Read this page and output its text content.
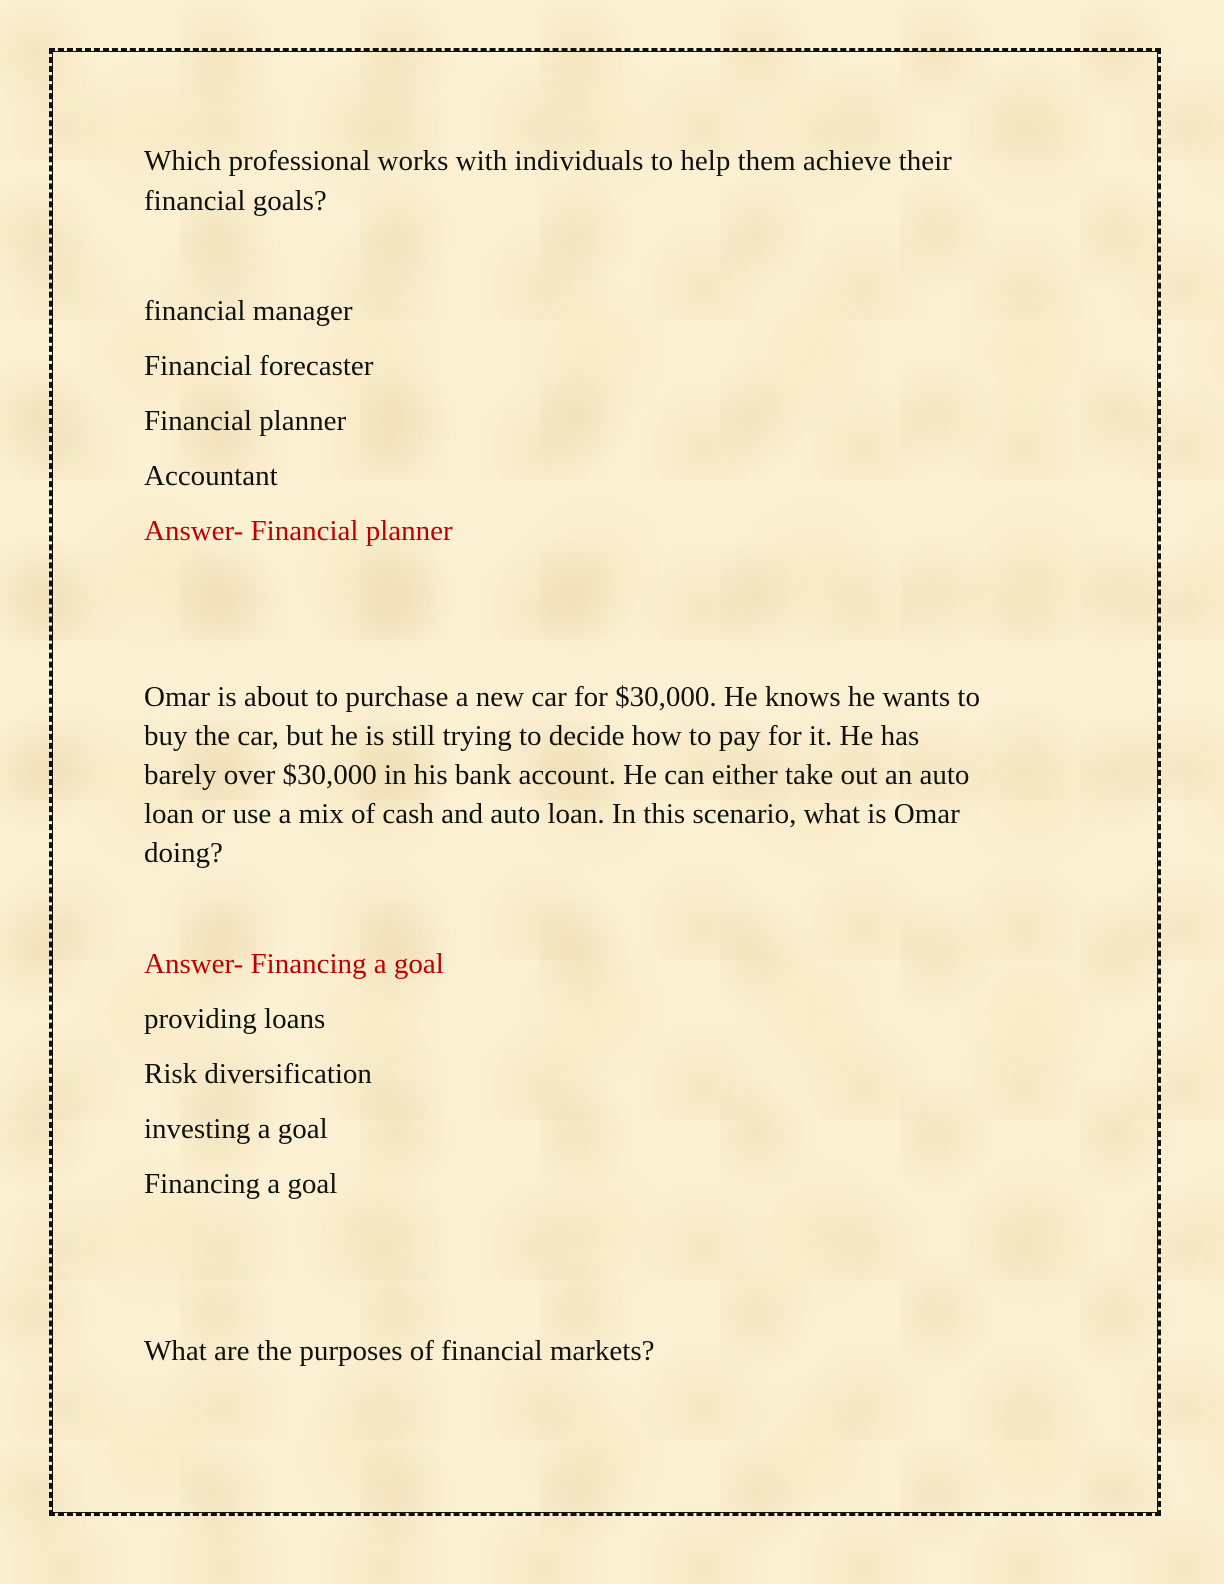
Which professional works with individuals to help them achieve their
financial goals?
financial manager
Financial forecaster
Financial planner
Accountant
Answer- Financial planner
Omar is about to purchase a new car for $30,000. He knows he wants to
buy the car, but he is still trying to decide how to pay for it. He has
barely over $30,000 in his bank account. He can either take out an auto
loan or use a mix of cash and auto loan. In this scenario, what is Omar
doing?
Answer- Financing a goal
providing loans
Risk diversification
investing a goal
Financing a goal
What are the purposes of financial markets?
